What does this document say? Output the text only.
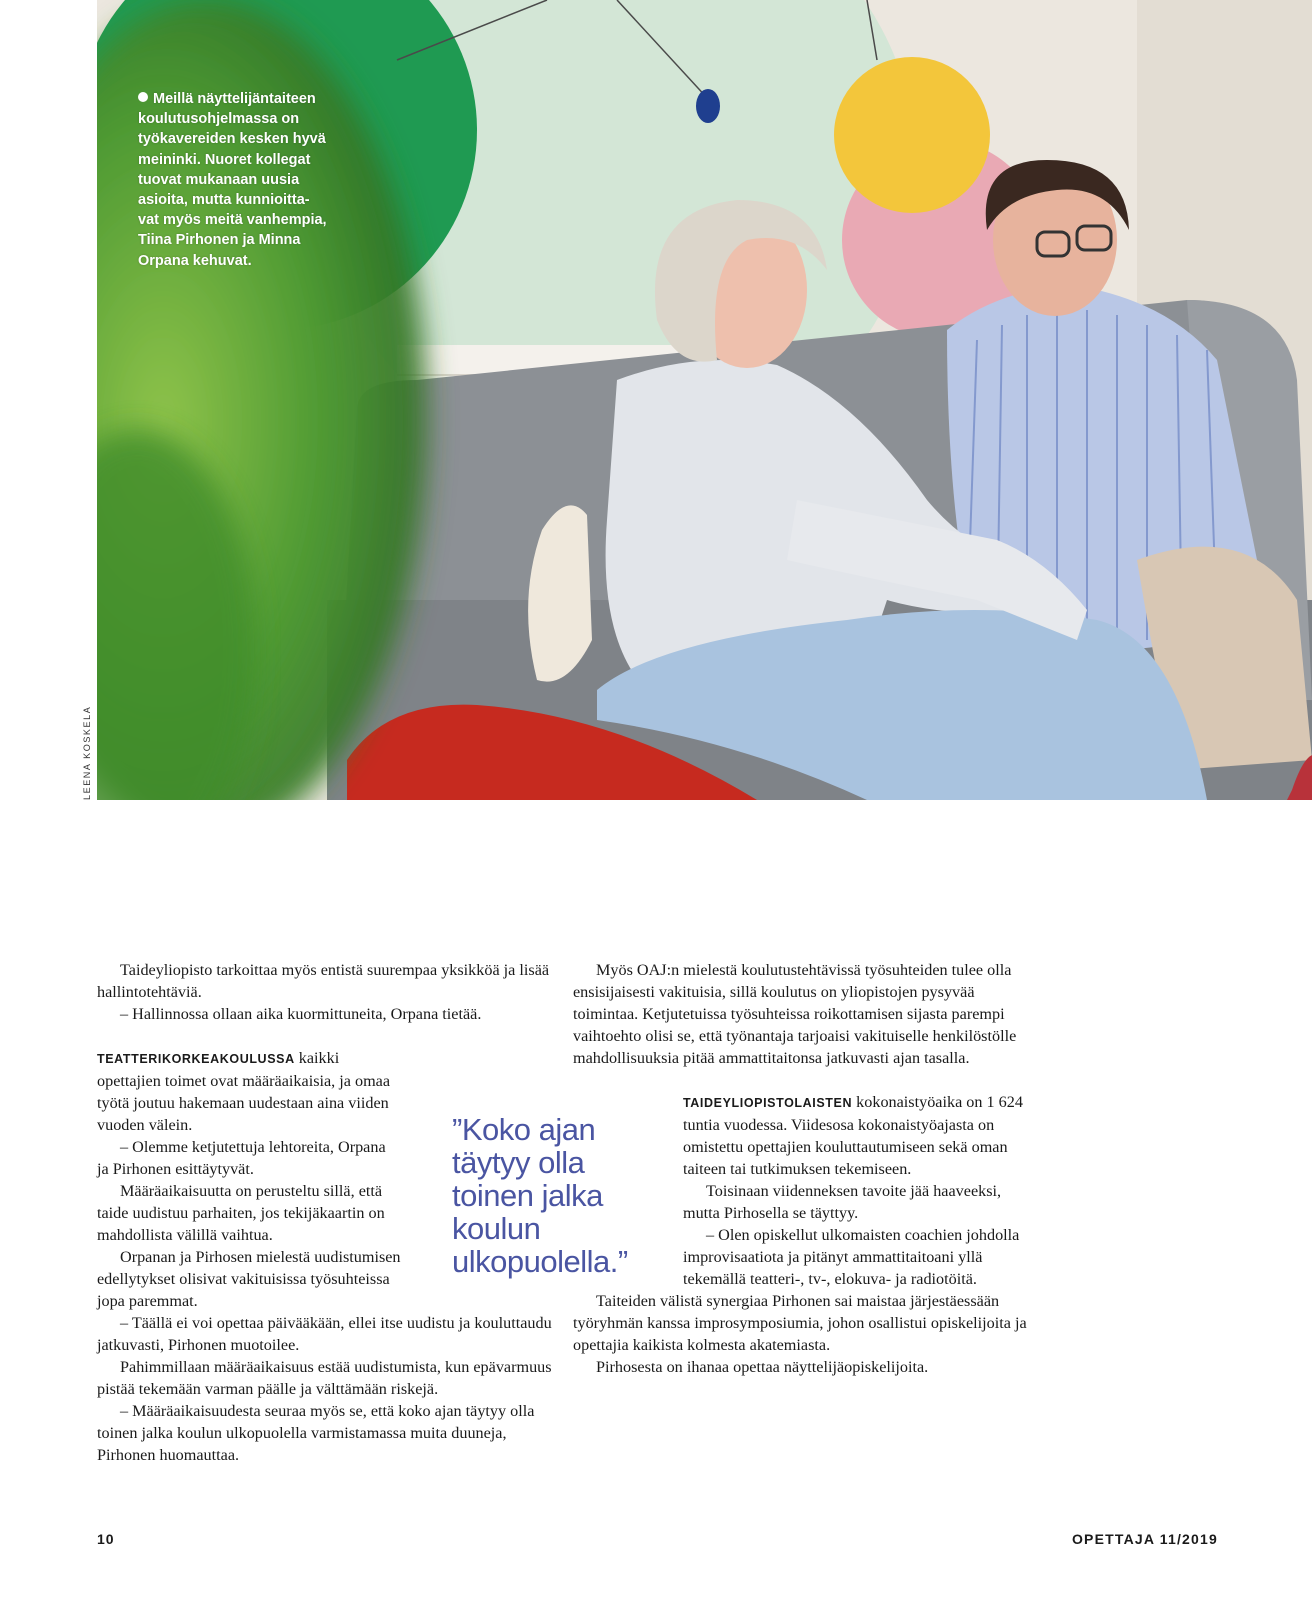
Meillä näyttelijäntaiteen
koulutusohjelmassa on
työkavereiden kesken hyvä
meininki. Nuoret kollegat
tuovat mukanaan uusia
asioita, mutta kunnioitta-
vat myös meitä vanhempia,
Tiina Pirhonen ja Minna
Orpana kehuvat.
LEENA KOSKELA

Taideyliopisto tarkoittaa myös entistä suurempaa yksikköä ja lisää hallintotehtäviä.

– Hallinnossa ollaan aika kuormittuneita, Orpana tietää.

TEATTERIKORKEAKOULUSSA kaikki opettajien toimet ovat määräaikaisia, ja omaa työtä joutuu hakemaan uudestaan aina viiden vuoden välein.

– Olemme ketjutettuja lehtoreita, Orpana ja Pirhonen esittäytyvät.

Määräaikaisuutta on perusteltu sillä, että taide uudistuu parhaiten, jos tekijäkaartin on mahdollista välillä vaihtua.

Orpanan ja Pirhosen mielestä uudistumisen edellytykset olisivat vakituisissa työsuhteissa jopa paremmat.

– Täällä ei voi opettaa päivääkään, ellei itse uudistu ja kouluttaudu jatkuvasti, Pirhonen muotoilee.

Pahimmillaan määräaikaisuus estää uudistumista, kun epävarmuus pistää tekemään varman päälle ja välttämään riskejä.

– Määräaikaisuudesta seuraa myös se, että koko ajan täytyy olla toinen jalka koulun ulkopuolella varmistamassa muita duuneja, Pirhonen huomauttaa.

”Koko ajan
täytyy olla
toinen jalka
koulun
ulkopuolella.”

Myös OAJ:n mielestä koulutustehtävissä työsuhteiden tulee olla ensisijaisesti vakituisia, sillä koulutus on yliopistojen pysyvää toimintaa. Ketjutetuissa työsuhteissa roikottamisen sijasta parempi vaihtoehto olisi se, että työnantaja tarjoaisi vakituiselle henkilöstölle mahdollisuuksia pitää ammattitaitonsa jatkuvasti ajan tasalla.

TAIDEYLIOPISTOLAISTEN kokonaistyöaika on 1 624 tuntia vuodessa. Viidesosa kokonaistyöajasta on omistettu opettajien kouluttautumiseen sekä oman taiteen tai tutkimuksen tekemiseen.

Toisinaan viidenneksen tavoite jää haaveeksi, mutta Pirhosella se täyttyy.

– Olen opiskellut ulkomaisten coachien johdolla improvisaatiota ja pitänyt ammattitaitoani yllä tekemällä teatteri-, tv-, elokuva- ja radiotöitä.

Taiteiden välistä synergiaa Pirhonen sai maistaa järjestäessään työryhmän kanssa improsymposiumia, johon osallistui opiskelijoita ja opettajia kaikista kolmesta akatemiasta.

Pirhosesta on ihanaa opettaa näyttelijäopiskelijoita.

10	OPETTAJA 11/2019
